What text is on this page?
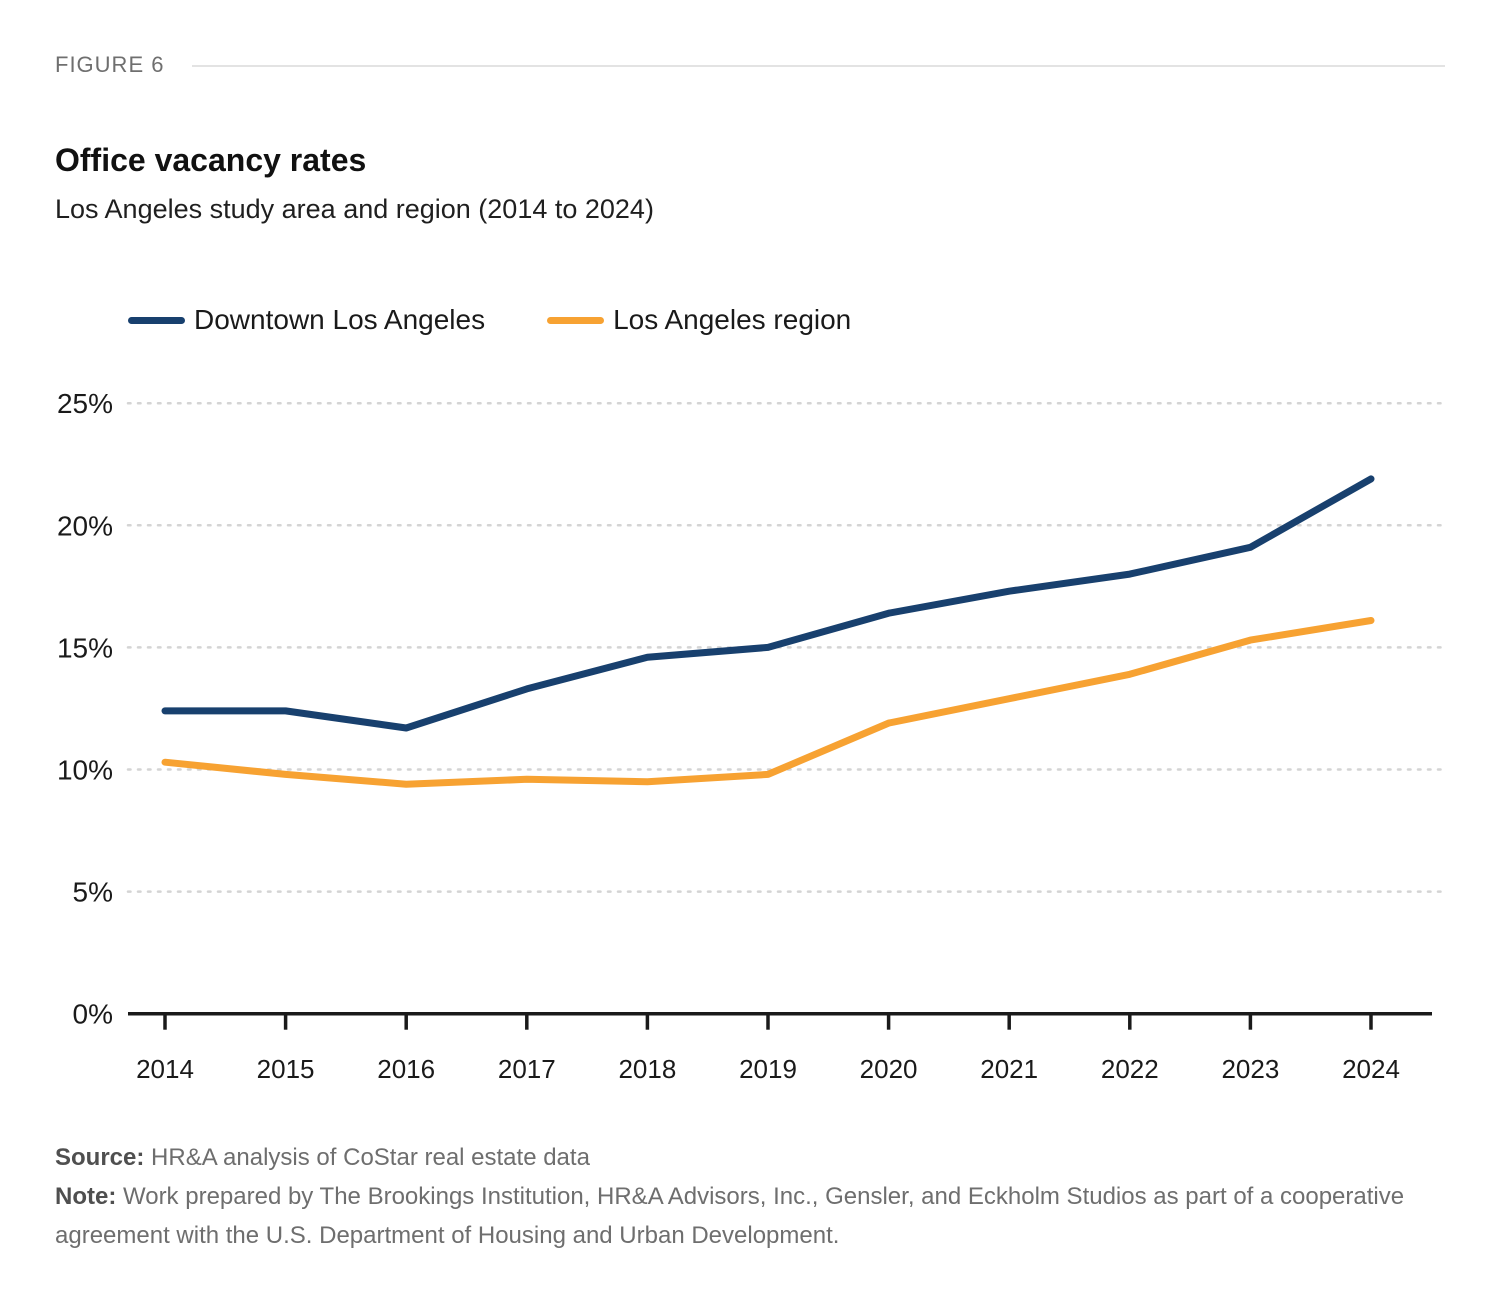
FIGURE 6
Office vacancy rates
Los Angeles study area and region (2014 to 2024)
Downtown Los Angeles	Los Angeles region
0%
5%
10%
15%
20%
25%
2014 2015 2016 2017 2018 2019 2020 2021 2022 2023 2024

Source: HR&A analysis of CoStar real estate data

Note: Work prepared by The Brookings Institution, HR&A Advisors, Inc., Gensler, and Eckholm Studios as part of a cooperative agreement with the U.S. Department of Housing and Urban Development.
